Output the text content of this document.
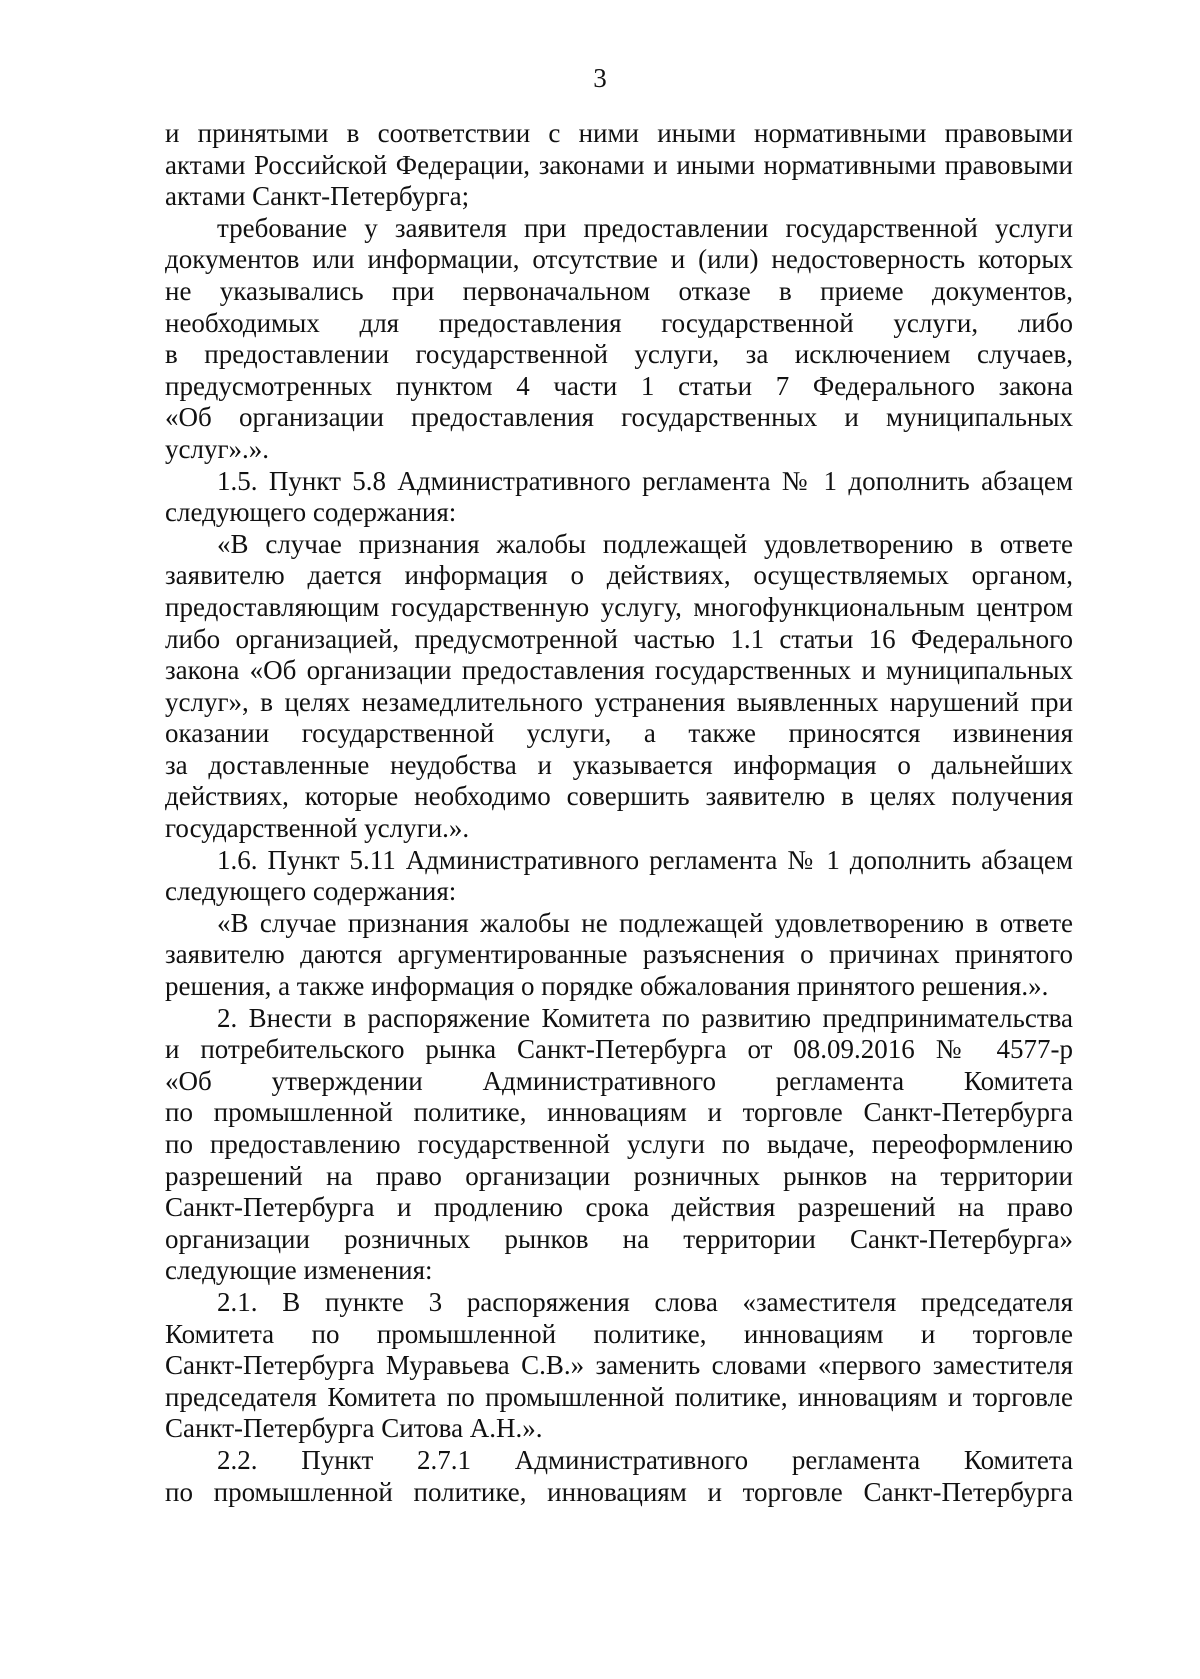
3
и принятыми в соответствии с ними иными нормативными правовыми
актами Российской Федерации, законами и иными нормативными правовыми
актами Санкт-Петербурга;
требование у заявителя при предоставлении государственной услуги
документов или информации, отсутствие и (или) недостоверность которых
не указывались при первоначальном отказе в приеме документов,
необходимых для предоставления государственной услуги, либо
в предоставлении государственной услуги, за исключением случаев,
предусмотренных пунктом 4 части 1 статьи 7 Федерального закона
«Об организации предоставления государственных и муниципальных
услуг».».
1.5. Пункт 5.8 Административного регламента № 1 дополнить абзацем
следующего содержания:
«В случае признания жалобы подлежащей удовлетворению в ответе
заявителю дается информация о действиях, осуществляемых органом,
предоставляющим государственную услугу, многофункциональным центром
либо организацией, предусмотренной частью 1.1 статьи 16 Федерального
закона «Об организации предоставления государственных и муниципальных
услуг», в целях незамедлительного устранения выявленных нарушений при
оказании государственной услуги, а также приносятся извинения
за доставленные неудобства и указывается информация о дальнейших
действиях, которые необходимо совершить заявителю в целях получения
государственной услуги.».
1.6. Пункт 5.11 Административного регламента № 1 дополнить абзацем
следующего содержания:
«В случае признания жалобы не подлежащей удовлетворению в ответе
заявителю даются аргументированные разъяснения о причинах принятого
решения, а также информация о порядке обжалования принятого решения.».
2. Внести в распоряжение Комитета по развитию предпринимательства
и потребительского рынка Санкт-Петербурга от 08.09.2016 № 4577-р
«Об утверждении Административного регламента Комитета
по промышленной политике, инновациям и торговле Санкт-Петербурга
по предоставлению государственной услуги по выдаче, переоформлению
разрешений на право организации розничных рынков на территории
Санкт-Петербурга и продлению срока действия разрешений на право
организации розничных рынков на территории Санкт-Петербурга»
следующие изменения:
2.1. В пункте 3 распоряжения слова «заместителя председателя
Комитета по промышленной политике, инновациям и торговле
Санкт-Петербурга Муравьева С.В.» заменить словами «первого заместителя
председателя Комитета по промышленной политике, инновациям и торговле
Санкт-Петербурга Ситова А.Н.».
2.2. Пункт 2.7.1 Административного регламента Комитета
по промышленной политике, инновациям и торговле Санкт-Петербурга
